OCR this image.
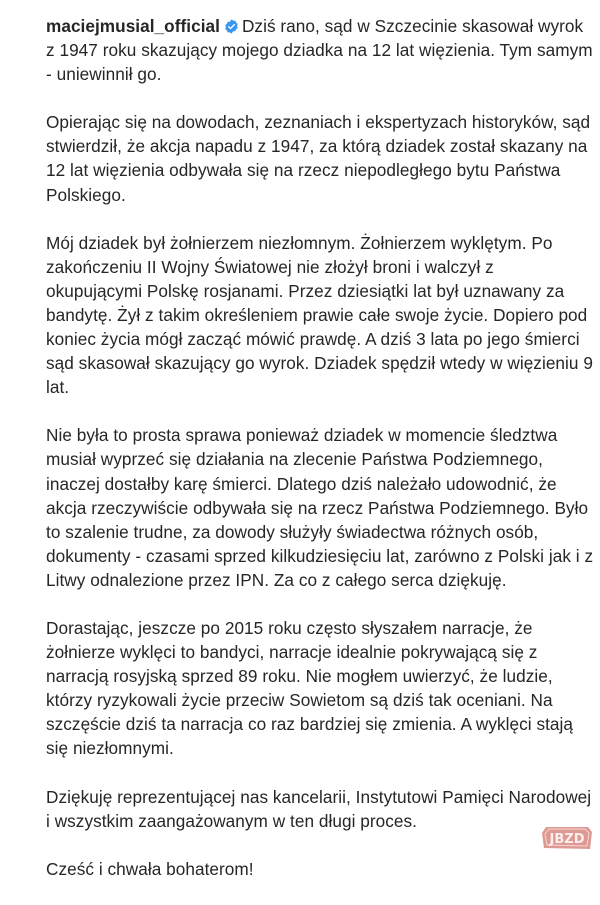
maciejmusial_official Dziś rano, sąd w Szczecinie skasował wyrok z 1947 roku skazujący mojego dziadka na 12 lat więzienia. Tym samym - uniewinnił go.

Opierając się na dowodach, zeznaniach i ekspertyzach historyków, sąd stwierdził, że akcja napadu z 1947, za którą dziadek został skazany na 12 lat więzienia odbywała się na rzecz niepodległego bytu Państwa Polskiego.

Mój dziadek był żołnierzem niezłomnym. Żołnierzem wyklętym. Po zakończeniu II Wojny Światowej nie złożył broni i walczył z okupującymi Polskę rosjanami. Przez dziesiątki lat był uznawany za bandytę. Żył z takim określeniem prawie całe swoje życie. Dopiero pod koniec życia mógł zacząć mówić prawdę. A dziś 3 lata po jego śmierci sąd skasował skazujący go wyrok. Dziadek spędził wtedy w więzieniu 9 lat.

Nie była to prosta sprawa ponieważ dziadek w momencie śledztwa musiał wyprzeć się działania na zlecenie Państwa Podziemnego, inaczej dostałby karę śmierci. Dlatego dziś należało udowodnić, że akcja rzeczywiście odbywała się na rzecz Państwa Podziemnego. Było to szalenie trudne, za dowody służyły świadectwa różnych osób, dokumenty - czasami sprzed kilkudziesięciu lat, zarówno z Polski jak i z Litwy odnalezione przez IPN. Za co z całego serca dziękuję.

Dorastając, jeszcze po 2015 roku często słyszałem narracje, że żołnierze wyklęci to bandyci, narracje idealnie pokrywającą się z narracją rosyjską sprzed 89 roku. Nie mogłem uwierzyć, że ludzie, którzy ryzykowali życie przeciw Sowietom są dziś tak oceniani. Na szczęście dziś ta narracja co raz bardziej się zmienia. A wyklęci stają się niezłomnymi.

Dziękuję reprezentującej nas kancelarii, Instytutowi Pamięci Narodowej i wszystkim zaangażowanym w ten długi proces.

Cześć i chwała bohaterom!

JBZD
